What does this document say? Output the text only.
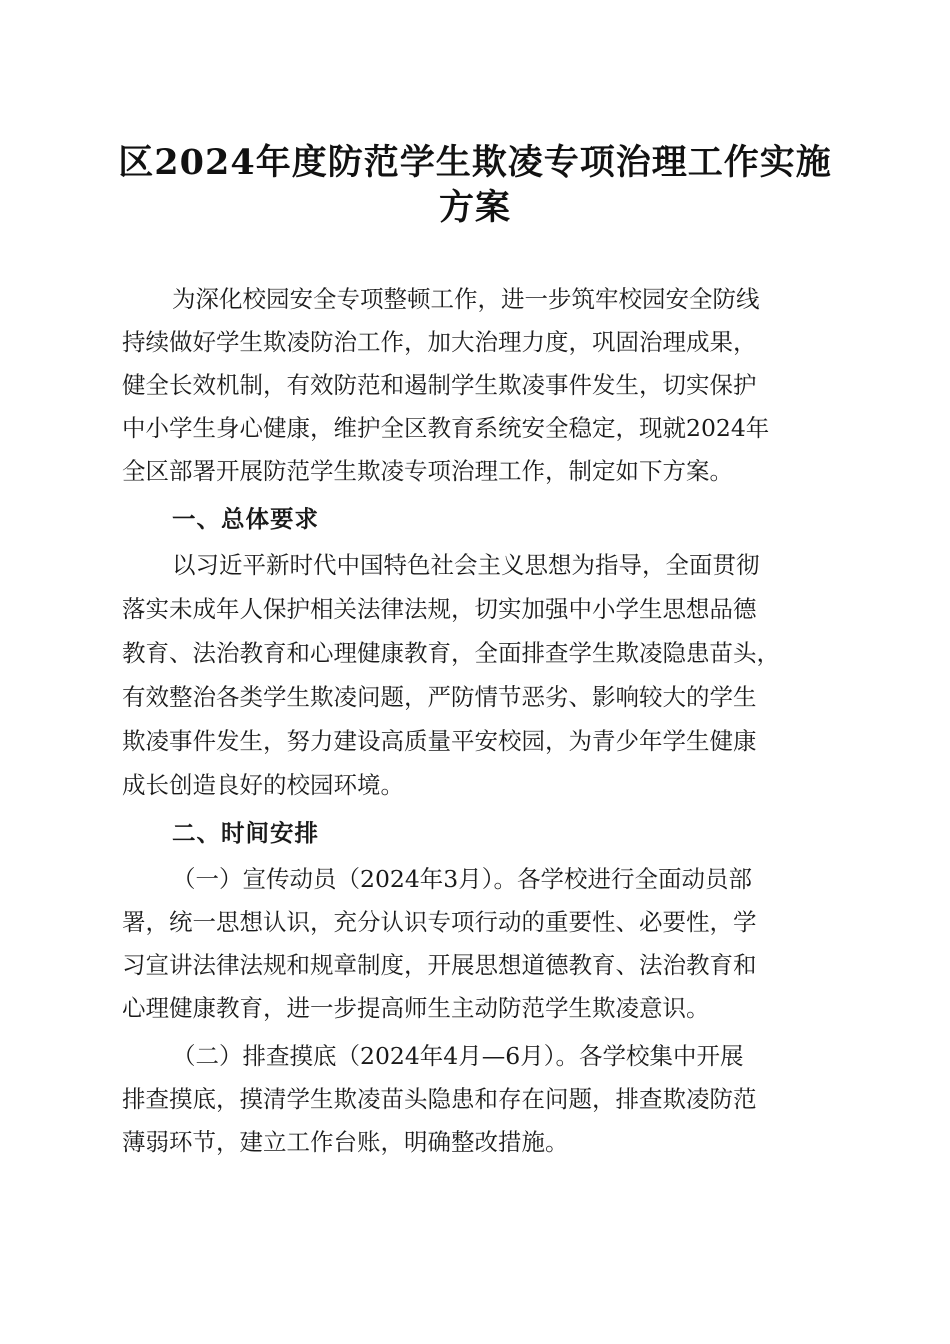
区2024年度防范学生欺凌专项治理工作实施
方案
为深化校园安全专项整顿工作，进一步筑牢校园安全防线
持续做好学生欺凌防治工作，加大治理力度，巩固治理成果，
健全长效机制，有效防范和遏制学生欺凌事件发生，切实保护
中小学生身心健康，维护全区教育系统安全稳定，现就2024年
全区部署开展防范学生欺凌专项治理工作，制定如下方案。
一、总体要求
以习近平新时代中国特色社会主义思想为指导，全面贯彻
落实未成年人保护相关法律法规，切实加强中小学生思想品德
教育、法治教育和心理健康教育，全面排查学生欺凌隐患苗头，
有效整治各类学生欺凌问题，严防情节恶劣、影响较大的学生
欺凌事件发生，努力建设高质量平安校园，为青少年学生健康
成长创造良好的校园环境。
二、时间安排
（一）宣传动员（2024年3月）。各学校进行全面动员部
署，统一思想认识，充分认识专项行动的重要性、必要性，学
习宣讲法律法规和规章制度，开展思想道德教育、法治教育和
心理健康教育，进一步提高师生主动防范学生欺凌意识。
（二）排查摸底（2024年4月—6月）。各学校集中开展
排查摸底，摸清学生欺凌苗头隐患和存在问题，排查欺凌防范
薄弱环节，建立工作台账，明确整改措施。
